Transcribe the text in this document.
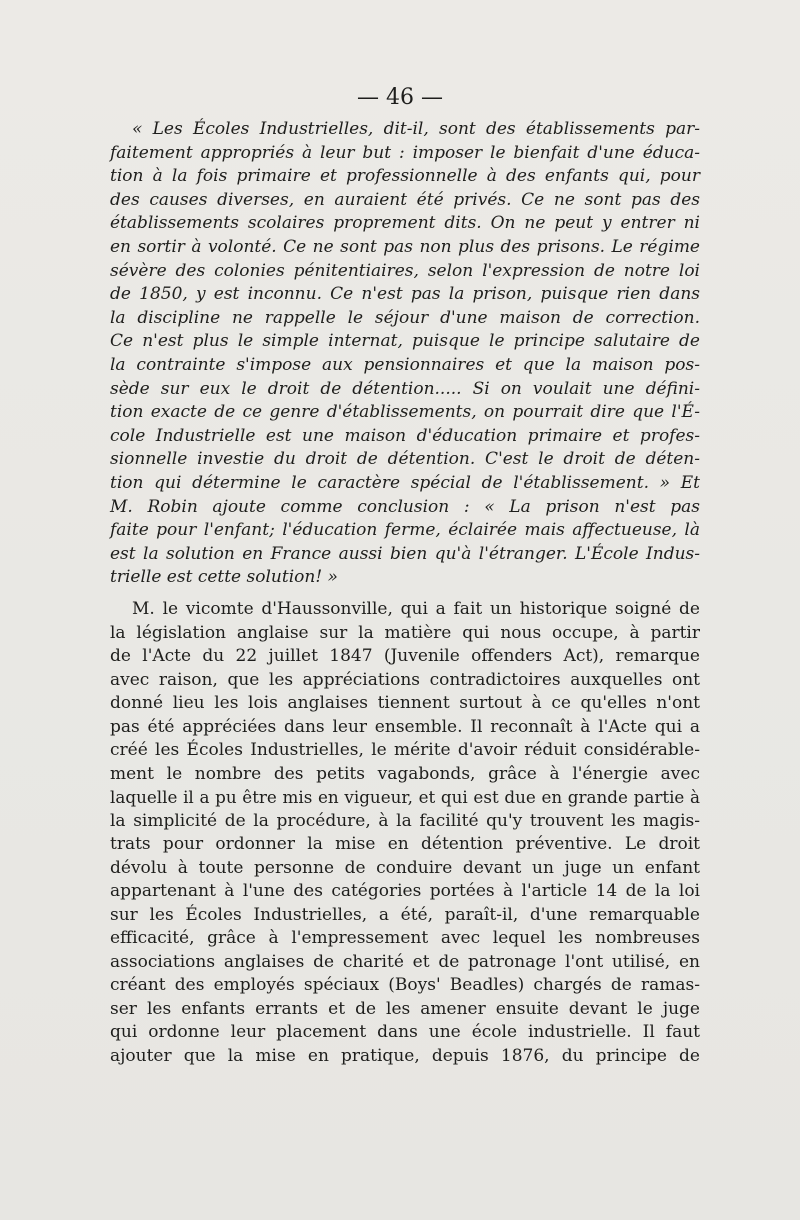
— 46 —
« Les Écoles Industrielles, dit-il, sont des établissements par-
faitement appropriés à leur but : imposer le bienfait d'une éduca-
tion à la fois primaire et professionnelle à des enfants qui, pour
des causes diverses, en auraient été privés. Ce ne sont pas des
établissements scolaires proprement dits. On ne peut y entrer ni
en sortir à volonté. Ce ne sont pas non plus des prisons. Le régime
sévère des colonies pénitentiaires, selon l'expression de notre loi
de 1850, y est inconnu. Ce n'est pas la prison, puisque rien dans
la discipline ne rappelle le séjour d'une maison de correction.
Ce n'est plus le simple internat, puisque le principe salutaire de
la contrainte s'impose aux pensionnaires et que la maison pos-
sède sur eux le droit de détention..... Si on voulait une défini-
tion exacte de ce genre d'établissements, on pourrait dire que l'É-
cole Industrielle est une maison d'éducation primaire et profes-
sionnelle investie du droit de détention. C'est le droit de déten-
tion qui détermine le caractère spécial de l'établissement. » Et
M. Robin ajoute comme conclusion : « La prison n'est pas
faite pour l'enfant; l'éducation ferme, éclairée mais affectueuse, là
est la solution en France aussi bien qu'à l'étranger. L'École Indus-
trielle est cette solution! »
M. le vicomte d'Haussonville, qui a fait un historique soigné de
la législation anglaise sur la matière qui nous occupe, à partir
de l'Acte du 22 juillet 1847 (Juvenile offenders Act), remarque
avec raison, que les appréciations contradictoires auxquelles ont
donné lieu les lois anglaises tiennent surtout à ce qu'elles n'ont
pas été appréciées dans leur ensemble. Il reconnaît à l'Acte qui a
créé les Écoles Industrielles, le mérite d'avoir réduit considérable-
ment le nombre des petits vagabonds, grâce à l'énergie avec
laquelle il a pu être mis en vigueur, et qui est due en grande partie à
la simplicité de la procédure, à la facilité qu'y trouvent les magis-
trats pour ordonner la mise en détention préventive. Le droit
dévolu à toute personne de conduire devant un juge un enfant
appartenant à l'une des catégories portées à l'article 14 de la loi
sur les Écoles Industrielles, a été, paraît-il, d'une remarquable
efficacité, grâce à l'empressement avec lequel les nombreuses
associations anglaises de charité et de patronage l'ont utilisé, en
créant des employés spéciaux (Boys' Beadles) chargés de ramas-
ser les enfants errants et de les amener ensuite devant le juge
qui ordonne leur placement dans une école industrielle. Il faut
ajouter que la mise en pratique, depuis 1876, du principe de
